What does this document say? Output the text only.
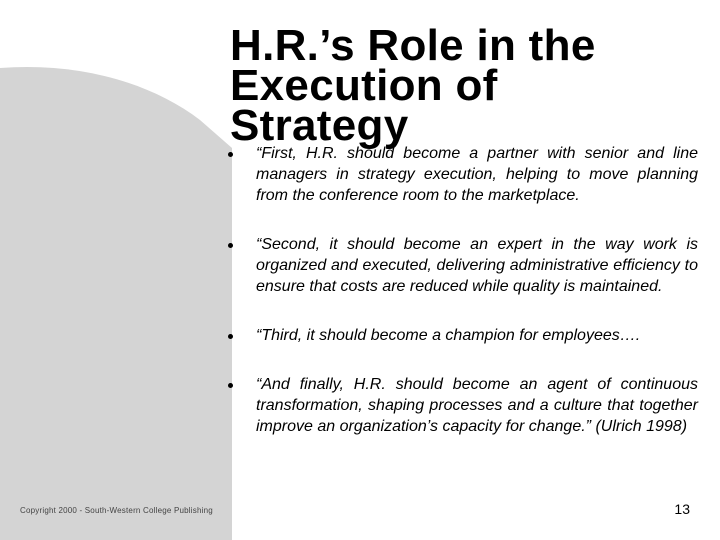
H.R.’s Role in the
Execution of
Strategy
“First, H.R. should become a partner with senior and line managers in strategy execution, helping to move planning from the conference room to the marketplace.
“Second, it should become an expert in the way work is organized and executed, delivering administrative efficiency to ensure that costs are reduced while quality is maintained.
“Third, it should become a champion for employees….
“And finally, H.R. should become an agent of continuous transformation, shaping processes and a culture that together improve an organization’s capacity for change.” (Ulrich 1998)
Copyright 2000 - South-Western College Publishing	13
